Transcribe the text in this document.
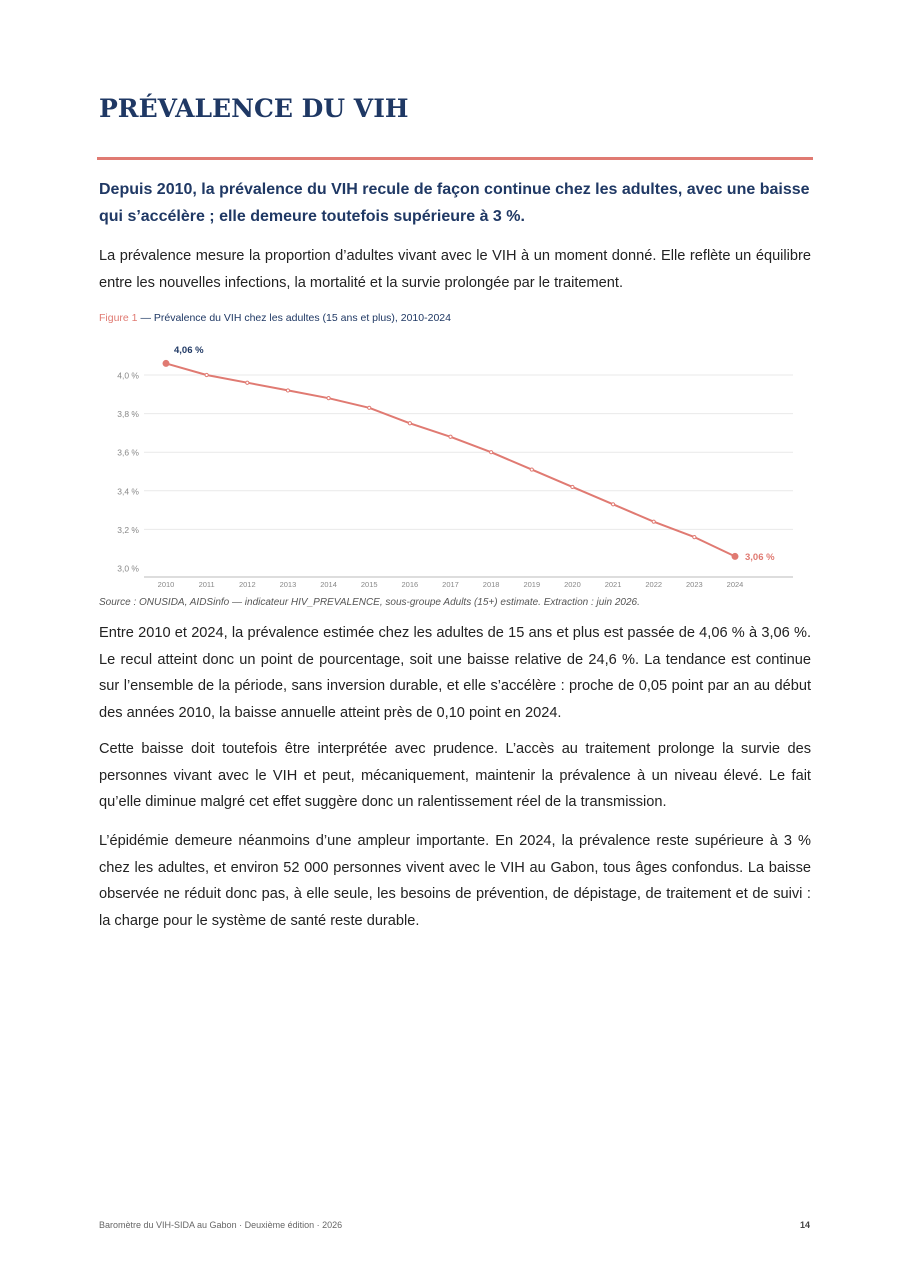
PRÉVALENCE DU VIH

Depuis 2010, la prévalence du VIH recule de façon continue chez les adultes, avec une baisse qui s’accélère ; elle demeure toutefois supérieure à 3 %.

La prévalence mesure la proportion d’adultes vivant avec le VIH à un moment donné. Elle reflète un équilibre entre les nouvelles infections, la mortalité et la survie prolongée par le traitement.

Figure 1 — Prévalence du VIH chez les adultes (15 ans et plus), 2010-2024

3,0 %
3,2 %
3,4 %
3,6 %
3,8 %
4,0 %
2010	2011	2012	2013	2014	2015	2016	2017	2018	2019	2020	2021	2022	2023	2024
4,06 %
3,06 %

Source : ONUSIDA, AIDSinfo — indicateur HIV_PREVALENCE, sous-groupe Adults (15+) estimate. Extraction : juin 2026.

Entre 2010 et 2024, la prévalence estimée chez les adultes de 15 ans et plus est passée de 4,06 % à 3,06 %. Le recul atteint donc un point de pourcentage, soit une baisse relative de 24,6 %. La tendance est continue sur l’ensemble de la période, sans inversion durable, et elle s’accélère : proche de 0,05 point par an au début des années 2010, la baisse annuelle atteint près de 0,10 point en 2024.

Cette baisse doit toutefois être interprétée avec prudence. L’accès au traitement prolonge la survie des personnes vivant avec le VIH et peut, mécaniquement, maintenir la prévalence à un niveau élevé. Le fait qu’elle diminue malgré cet effet suggère donc un ralentissement réel de la transmission.

L’épidémie demeure néanmoins d’une ampleur importante. En 2024, la prévalence reste supérieure à 3 % chez les adultes, et environ 52 000 personnes vivent avec le VIH au Gabon, tous âges confondus. La baisse observée ne réduit donc pas, à elle seule, les besoins de prévention, de dépistage, de traitement et de suivi : la charge pour le système de santé reste durable.

Baromètre du VIH-SIDA au Gabon · Deuxième édition · 2026	14
